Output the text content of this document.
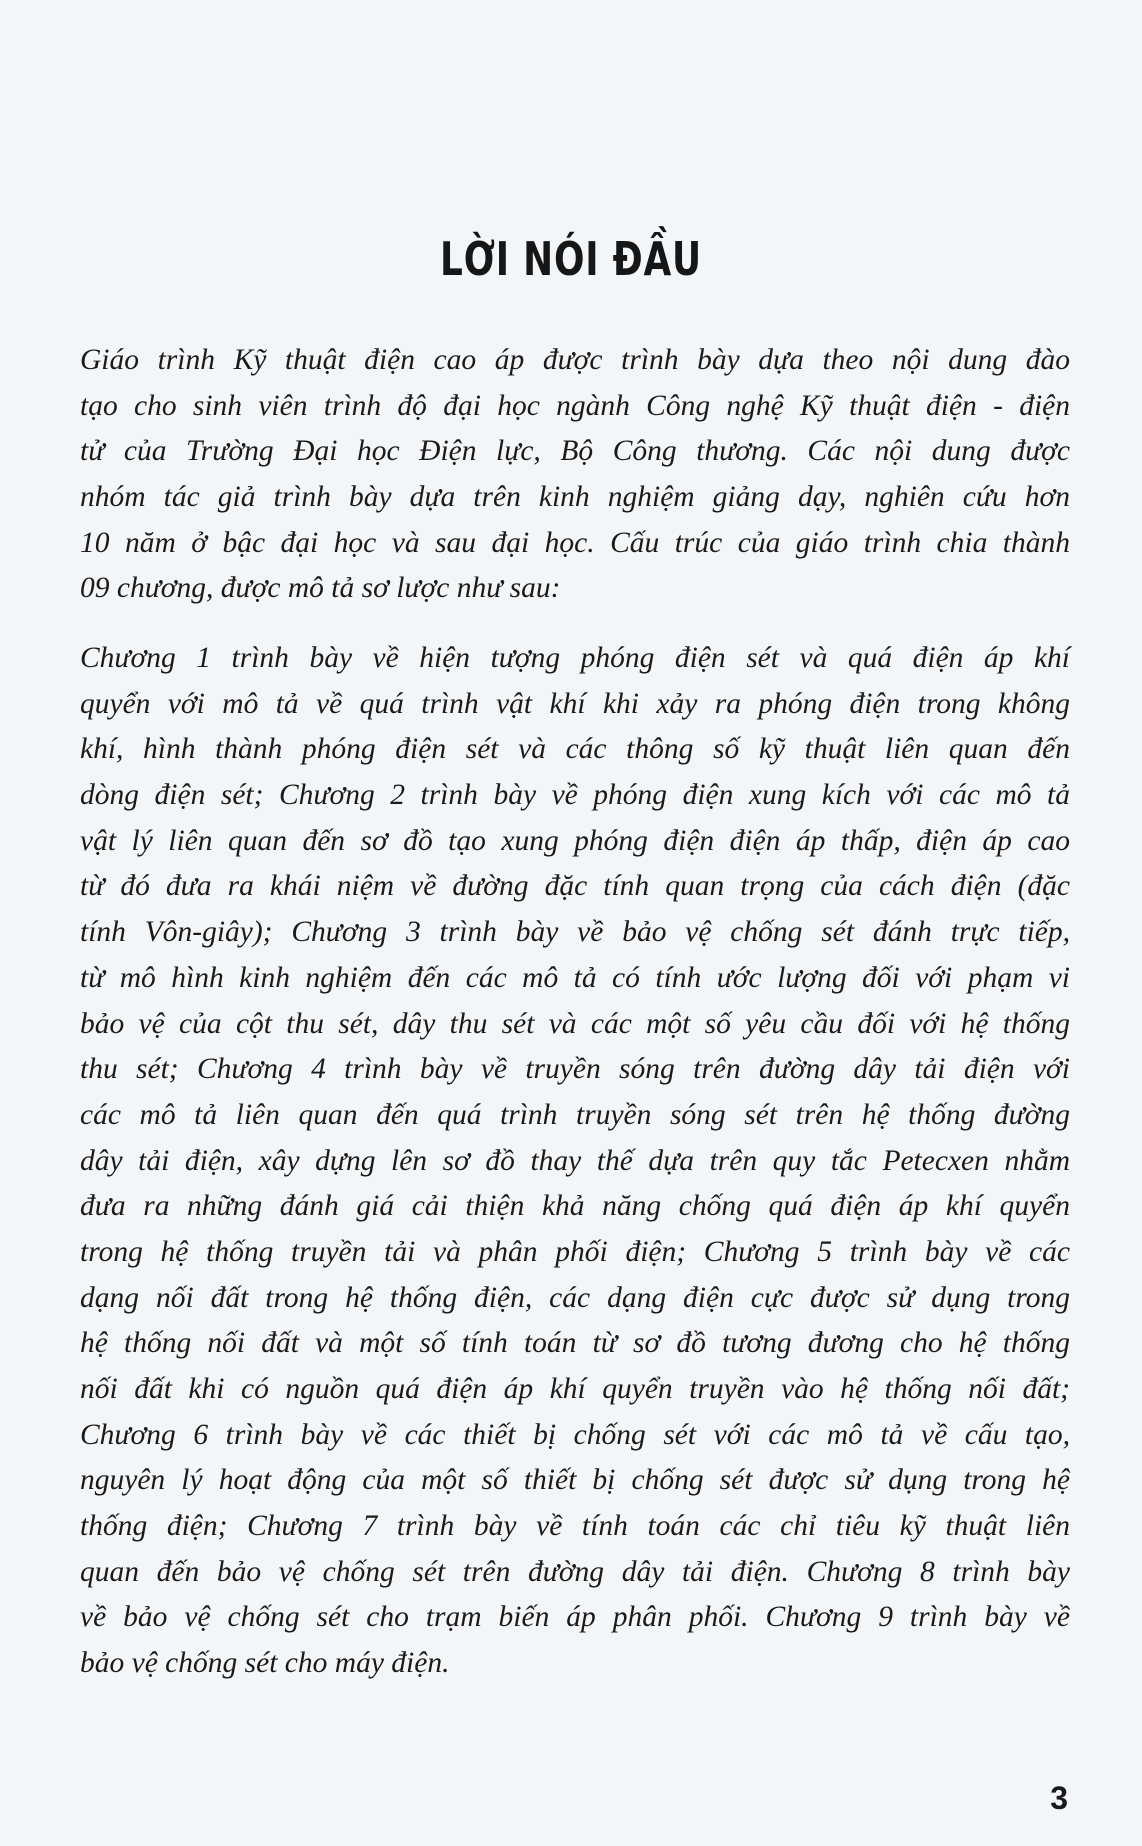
LỜI NÓI ĐẦU
Giáo trình Kỹ thuật điện cao áp được trình bày dựa theo nội dung đào
tạo cho sinh viên trình độ đại học ngành Công nghệ Kỹ thuật điện - điện
tử của Trường Đại học Điện lực, Bộ Công thương. Các nội dung được
nhóm tác giả trình bày dựa trên kinh nghiệm giảng dạy, nghiên cứu hơn
10 năm ở bậc đại học và sau đại học. Cấu trúc của giáo trình chia thành
09 chương, được mô tả sơ lược như sau:
Chương 1 trình bày về hiện tượng phóng điện sét và quá điện áp khí
quyển với mô tả về quá trình vật khí khi xảy ra phóng điện trong không
khí, hình thành phóng điện sét và các thông số kỹ thuật liên quan đến
dòng điện sét; Chương 2 trình bày về phóng điện xung kích với các mô tả
vật lý liên quan đến sơ đồ tạo xung phóng điện điện áp thấp, điện áp cao
từ đó đưa ra khái niệm về đường đặc tính quan trọng của cách điện (đặc
tính Vôn-giây); Chương 3 trình bày về bảo vệ chống sét đánh trực tiếp,
từ mô hình kinh nghiệm đến các mô tả có tính ước lượng đối với phạm vi
bảo vệ của cột thu sét, dây thu sét và các một số yêu cầu đối với hệ thống
thu sét; Chương 4 trình bày về truyền sóng trên đường dây tải điện với
các mô tả liên quan đến quá trình truyền sóng sét trên hệ thống đường
dây tải điện, xây dựng lên sơ đồ thay thế dựa trên quy tắc Petecxen nhằm
đưa ra những đánh giá cải thiện khả năng chống quá điện áp khí quyển
trong hệ thống truyền tải và phân phối điện; Chương 5 trình bày về các
dạng nối đất trong hệ thống điện, các dạng điện cực được sử dụng trong
hệ thống nối đất và một số tính toán từ sơ đồ tương đương cho hệ thống
nối đất khi có nguồn quá điện áp khí quyển truyền vào hệ thống nối đất;
Chương 6 trình bày về các thiết bị chống sét với các mô tả về cấu tạo,
nguyên lý hoạt động của một số thiết bị chống sét được sử dụng trong hệ
thống điện; Chương 7 trình bày về tính toán các chỉ tiêu kỹ thuật liên
quan đến bảo vệ chống sét trên đường dây tải điện. Chương 8 trình bày
về bảo vệ chống sét cho trạm biến áp phân phối. Chương 9 trình bày về
bảo vệ chống sét cho máy điện.
3
